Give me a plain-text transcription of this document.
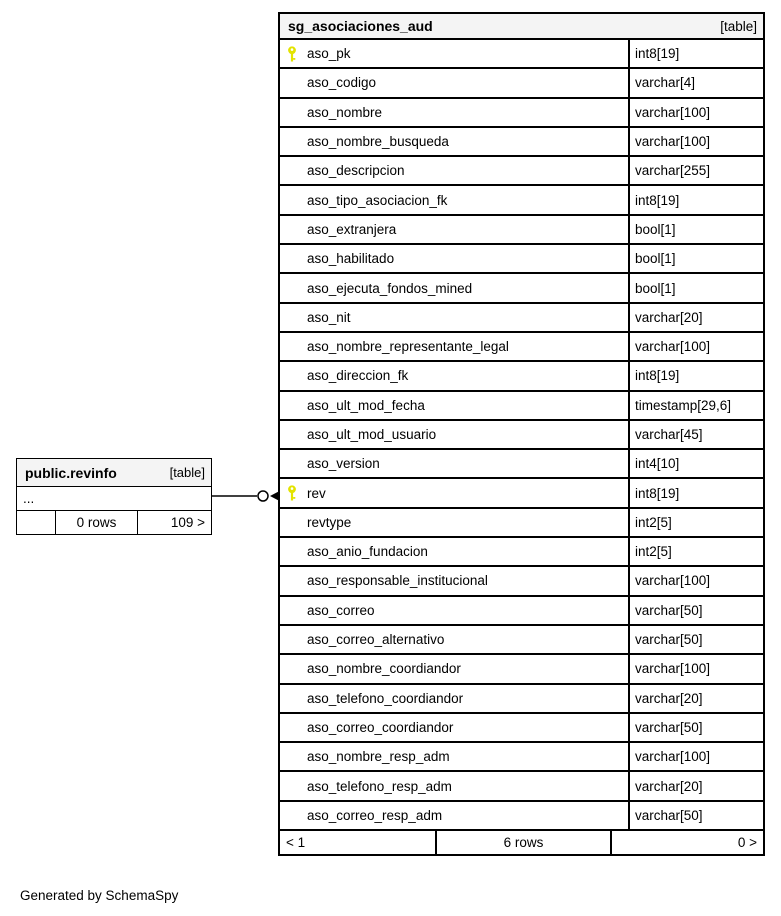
public.revinfo	[table]
...
0 rows	109 >
sg_asociaciones_aud	[table]
aso_pk	int8[19]
aso_codigo	varchar[4]
aso_nombre	varchar[100]
aso_nombre_busqueda	varchar[100]
aso_descripcion	varchar[255]
aso_tipo_asociacion_fk	int8[19]
aso_extranjera	bool[1]
aso_habilitado	bool[1]
aso_ejecuta_fondos_mined	bool[1]
aso_nit	varchar[20]
aso_nombre_representante_legal	varchar[100]
aso_direccion_fk	int8[19]
aso_ult_mod_fecha	timestamp[29,6]
aso_ult_mod_usuario	varchar[45]
aso_version	int4[10]
rev	int8[19]
revtype	int2[5]
aso_anio_fundacion	int2[5]
aso_responsable_institucional	varchar[100]
aso_correo	varchar[50]
aso_correo_alternativo	varchar[50]
aso_nombre_coordiandor	varchar[100]
aso_telefono_coordiandor	varchar[20]
aso_correo_coordiandor	varchar[50]
aso_nombre_resp_adm	varchar[100]
aso_telefono_resp_adm	varchar[20]
aso_correo_resp_adm	varchar[50]
< 1	6 rows	0 >
Generated by SchemaSpy
